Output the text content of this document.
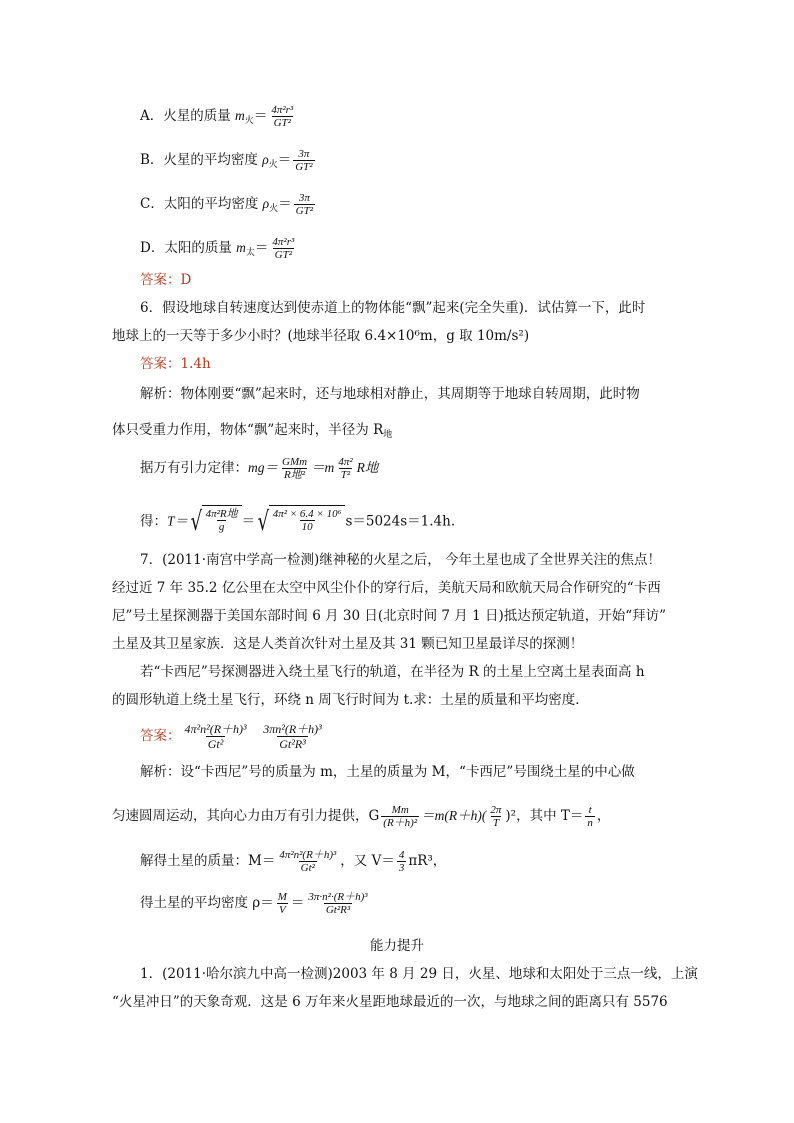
A．火星的质量 $m_火= \frac{\text{4π²r³}}{\text{GT²}}$
B．火星的平均密度 $\rho_火= \frac{3\pi}{\text{GT²}}$
C．太阳的平均密度 $\rho_火= \frac{3\pi}{\text{GT²}}$
D．太阳的质量 $m_太= \frac{\text{4π²r³}}{\text{GT²}}$
答案：D
6．假设地球自转速度达到使赤道上的物体能“飘”起来(完全失重)．试估算一下，此时
地球上的一天等于多少小时？(地球半径取 6.4×10⁶m，g 取 10m/s²)
答案：1.4h
解析：物体刚要“飘”起来时，还与地球相对静止，其周期等于地球自转周期，此时物
体只受重力作用，物体“飘”起来时，半径为 $R_地$
据万有引力定律：$mg= \frac{\text{GMm}}{\text{R地²}} =m \frac{\text{4π²}}{\text{T²}}$ R地
得：T＝ √ $\frac{\text{4π²R地}}{g}$ ＝ √ $\frac{\text{4π² × 6.4 × 10⁶}}{10} s=5024s=1.4h$.
7．(2011·南宫中学高一检测)继神秘的火星之后， 今年土星也成了全世界关注的焦点！
经过近 7 年 35.2 亿公里在太空中风尘仆仆的穿行后，美航天局和欧航天局合作研究的“卡西
尼”号土星探测器于美国东部时间 6 月 30 日(北京时间 7 月 1 日)抵达预定轨道，开始“拜访”
土星及其卫星家族．这是人类首次针对土星及其 31 颗已知卫星最详尽的探测！
若“卡西尼”号探测器进入绕土星飞行的轨道，在半径为 R 的土星上空离土星表面高 h
的圆形轨道上绕土星飞行，环绕 n 周飞行时间为 t.求：土星的质量和平均密度．
答案： $\frac{\text{4π²n²(R＋h)³}}{\text{Gt²}}$
$\frac{\text{3πn²(R＋h)³}}{\text{Gt²R³}}$
解析：设“卡西尼”号的质量为 m，土星的质量为 M，“卡西尼”号围绕土星的中心做
匀速圆周运动，其向心力由万有引力提供，G $\frac{Mm}{\text{(R＋h)²}} =m(R+h)( \frac{2\pi}{T} )^2$，其中 $T= \frac{t}{n}$ ，
解得土星的质量：$M= \frac{\text{4π²n²(R＋h)³}}{\text{Gt²}}$ ，又 $V= \frac{4}{3} \pi R^3$，
得土星的平均密度 $\rho= \frac{M}{V} = \frac{\text{3π·n²·(R＋h)³}}{\text{Gt²R³}}$
能力提升
1．(2011·哈尔滨九中高一检测)2003 年 8 月 29 日，火星、地球和太阳处于三点一线，上演
“火星冲日”的天象奇观．这是 6 万年来火星距地球最近的一次，与地球之间的距离只有 5576
